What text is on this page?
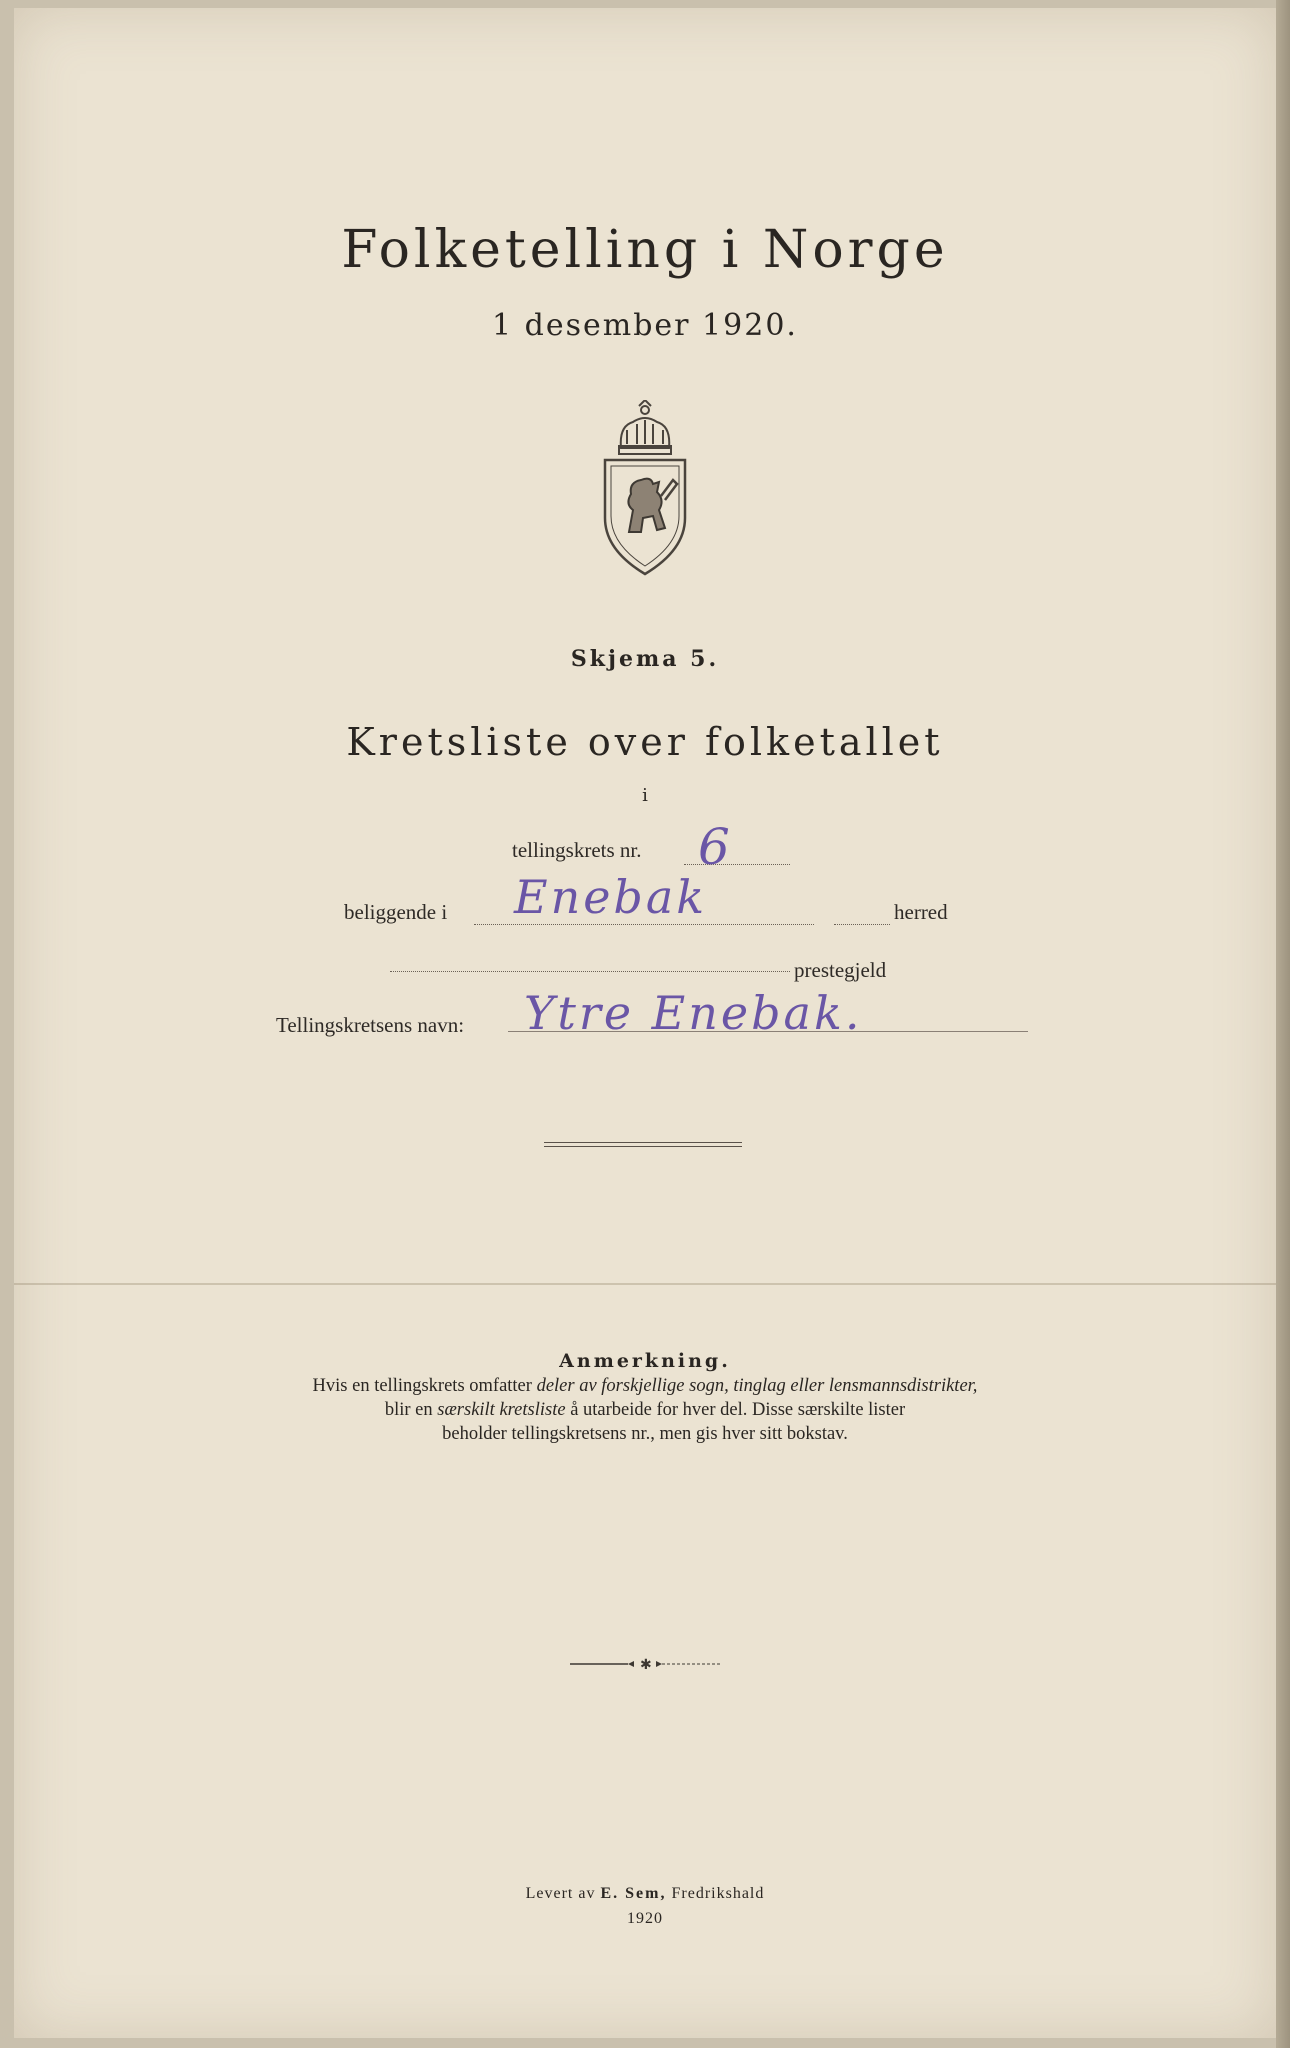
Folketelling i Norge
1 desember 1920.
Skjema 5.
Kretsliste over folketallet
i
tellingskrets nr. 6
beliggende i Enebak	herred
prestegjeld
Tellingskretsens navn: Ytre Enebak.
Anmerkning.
Hvis en tellingskrets omfatter deler av forskjellige sogn, tinglag eller lensmannsdistrikter,
blir en særskilt kretsliste å utarbeide for hver del. Disse særskilte lister
beholder tellingskretsens nr., men gis hver sitt bokstav.
✱
Levert av E. Sem, Fredrikshald
1920
